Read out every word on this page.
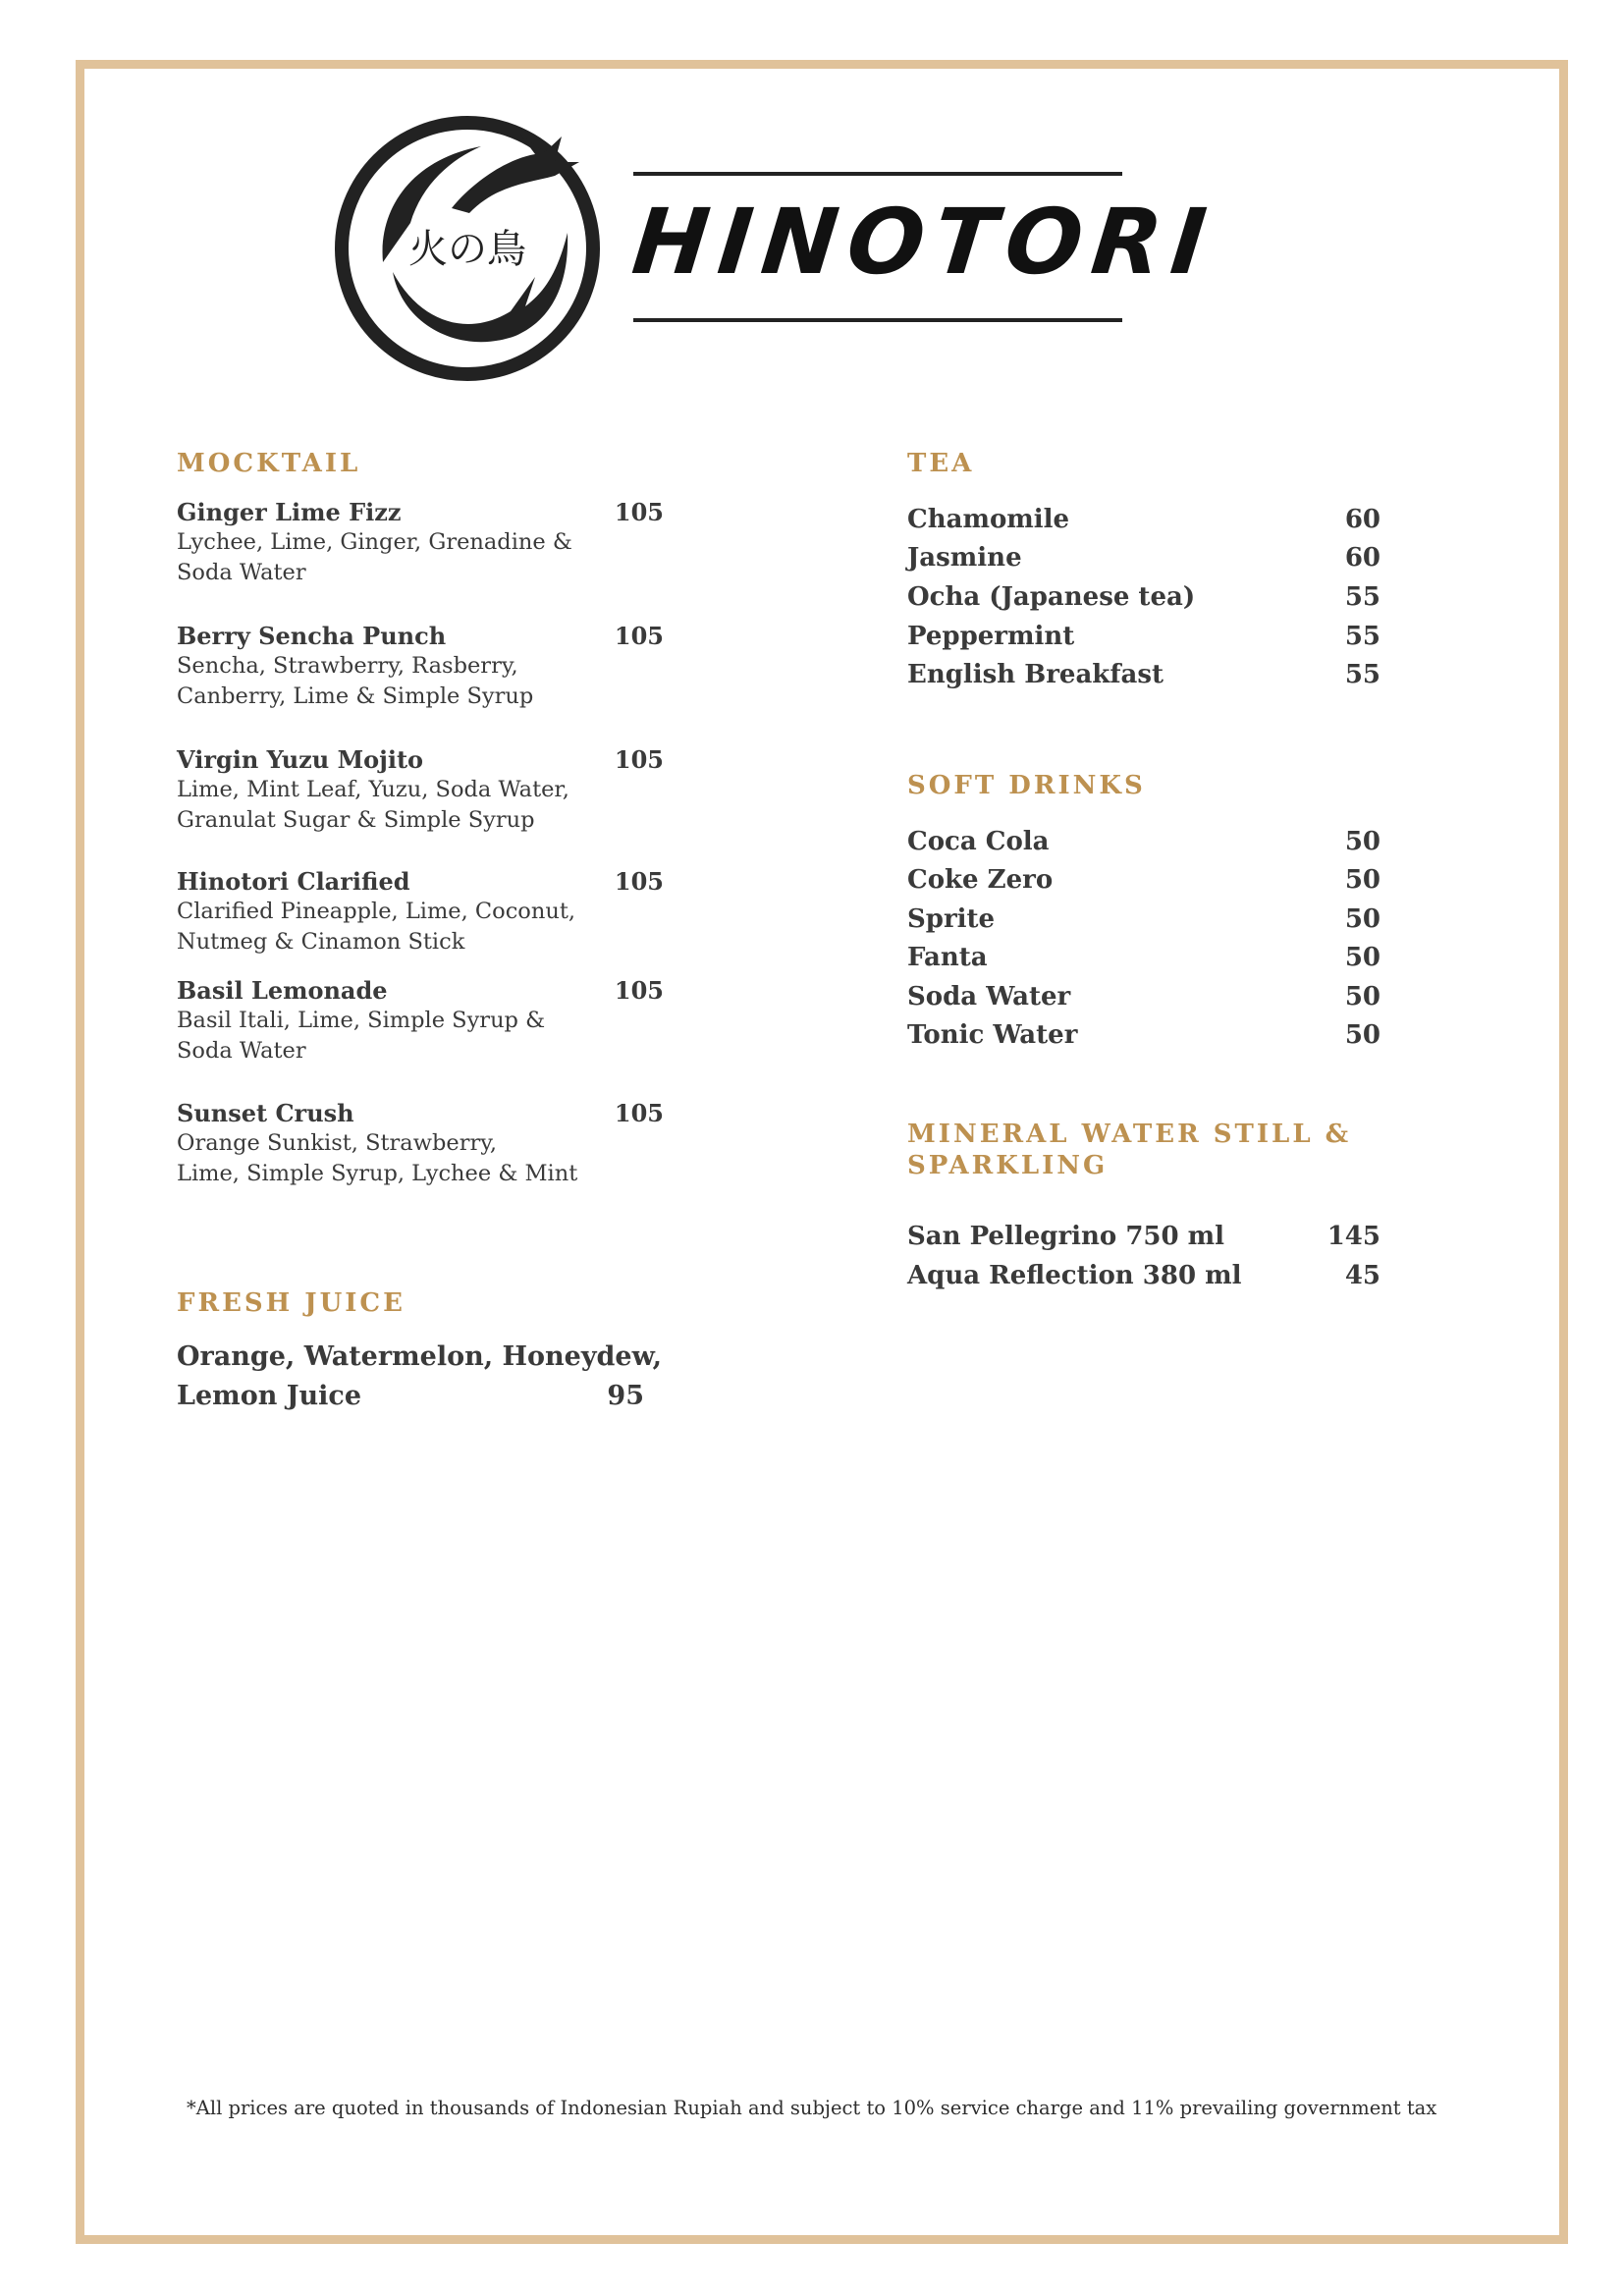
火の鳥 HINOTORI
MOCKTAIL
Ginger Lime Fizz
Lychee, Lime, Ginger, Grenadine &
Soda Water
105
Berry Sencha Punch
Sencha, Strawberry, Rasberry,
Canberry, Lime & Simple Syrup
105
Virgin Yuzu Mojito
Lime, Mint Leaf, Yuzu, Soda Water,
Granulat Sugar & Simple Syrup
105
Hinotori Clarified
Clarified Pineapple, Lime, Coconut,
Nutmeg & Cinamon Stick
105
Basil Lemonade
Basil Itali, Lime, Simple Syrup &
Soda Water
105
Sunset Crush
Orange Sunkist, Strawberry,
Lime, Simple Syrup, Lychee & Mint
105
FRESH JUICE
Orange, Watermelon, Honeydew,
Lemon Juice	95
TEA
Chamomile	60
Jasmine	60
Ocha (Japanese tea)	55
Peppermint	55
English Breakfast	55
SOFT DRINKS
Coca Cola	50
Coke Zero	50
Sprite	50
Fanta	50
Soda Water	50
Tonic Water	50
MINERAL WATER STILL &
SPARKLING
San Pellegrino 750 ml	145
Aqua Reflection 380 ml	45
*All prices are quoted in thousands of Indonesian Rupiah and subject to 10% service charge and 11% prevailing government tax
